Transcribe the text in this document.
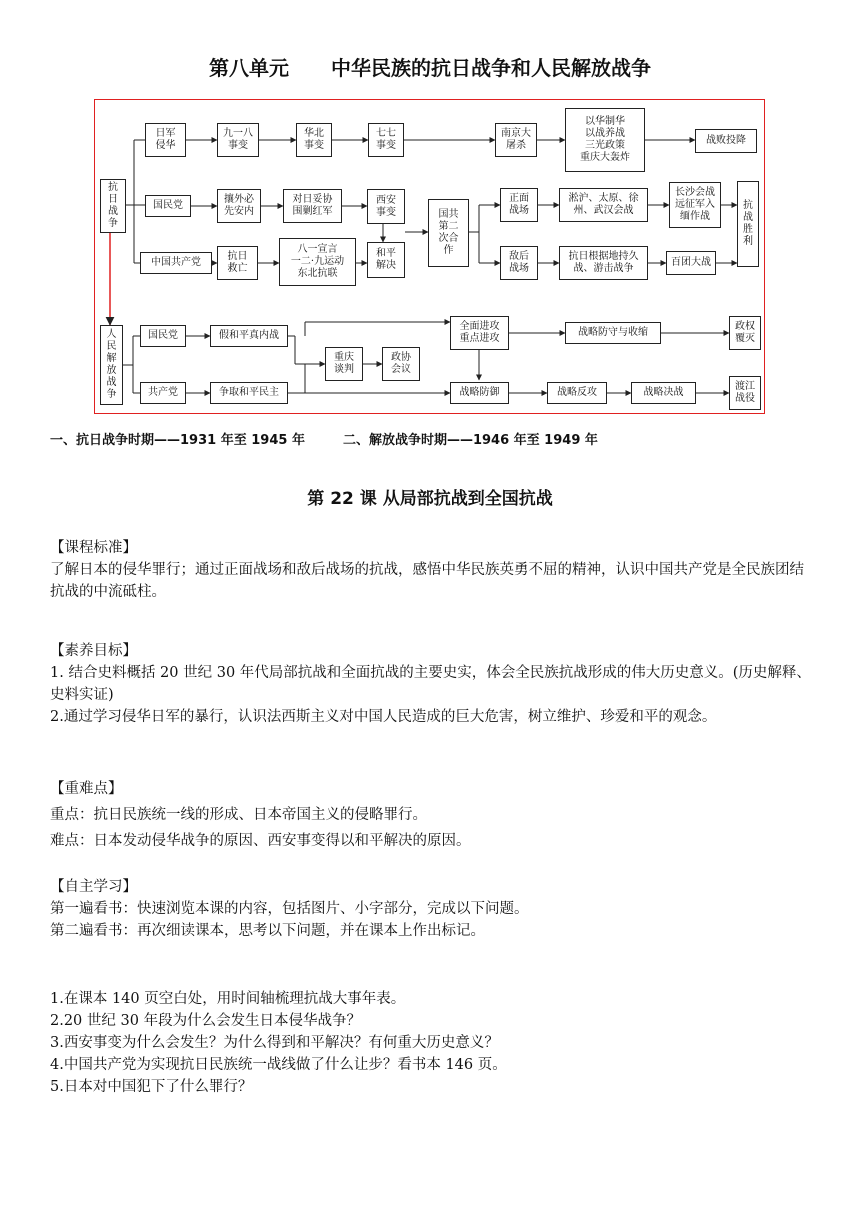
第八单元 中华民族的抗日战争和人民解放战争
日军
侵华
九一八
事变
华北
事变
七七
事变
南京大
屠杀
以华制华
以战养战
三光政策
重庆大轰炸
战败投降
抗
日
战
争
国民党
攘外必
先安内
对日妥协
围剿红军
西安
事变
和平
解决
国共
第二
次合
作
正面
战场
淞沪、太原、徐
州、武汉会战
长沙会战
远征军入
缅作战
抗
战
胜
利
中国共产党
抗日
救亡
八一宣言
一二·九运动
东北抗联
敌后
战场
抗日根据地持久
战、游击战争
百团大战
人
民
解
放
战
争
国民党	假和平真内战
重庆
谈判
政协
会议
全面进攻
重点进攻
战略防守与收缩
政权
覆灭
共产党	争取和平民主	战略防御	战略反攻	战略决战
渡江
战役
一、抗日战争时期——1931 年至 1945 年	二、解放战争时期——1946 年至 1949 年
第 22 课 从局部抗战到全国抗战

【课程标准】

了解日本的侵华罪行；通过正面战场和敌后战场的抗战，感悟中华民族英勇不屈的精神，认识中国共产党是全民族团结抗战的中流砥柱。

【素养目标】

1. 结合史料概括 20 世纪 30 年代局部抗战和全面抗战的主要史实，体会全民族抗战形成的伟大历史意义。(历史解释、史料实证)

2.通过学习侵华日军的暴行，认识法西斯主义对中国人民造成的巨大危害，树立维护、珍爱和平的观念。

【重难点】

重点：抗日民族统一线的形成、日本帝国主义的侵略罪行。

难点：日本发动侵华战争的原因、西安事变得以和平解决的原因。

【自主学习】

第一遍看书：快速浏览本课的内容，包括图片、小字部分，完成以下问题。

第二遍看书：再次细读课本，思考以下问题，并在课本上作出标记。

1.在课本 140 页空白处，用时间轴梳理抗战大事年表。

2.20 世纪 30 年段为什么会发生日本侵华战争？

3.西安事变为什么会发生？为什么得到和平解决？有何重大历史意义？

4.中国共产党为实现抗日民族统一战线做了什么让步？看书本 146 页。

5.日本对中国犯下了什么罪行？
